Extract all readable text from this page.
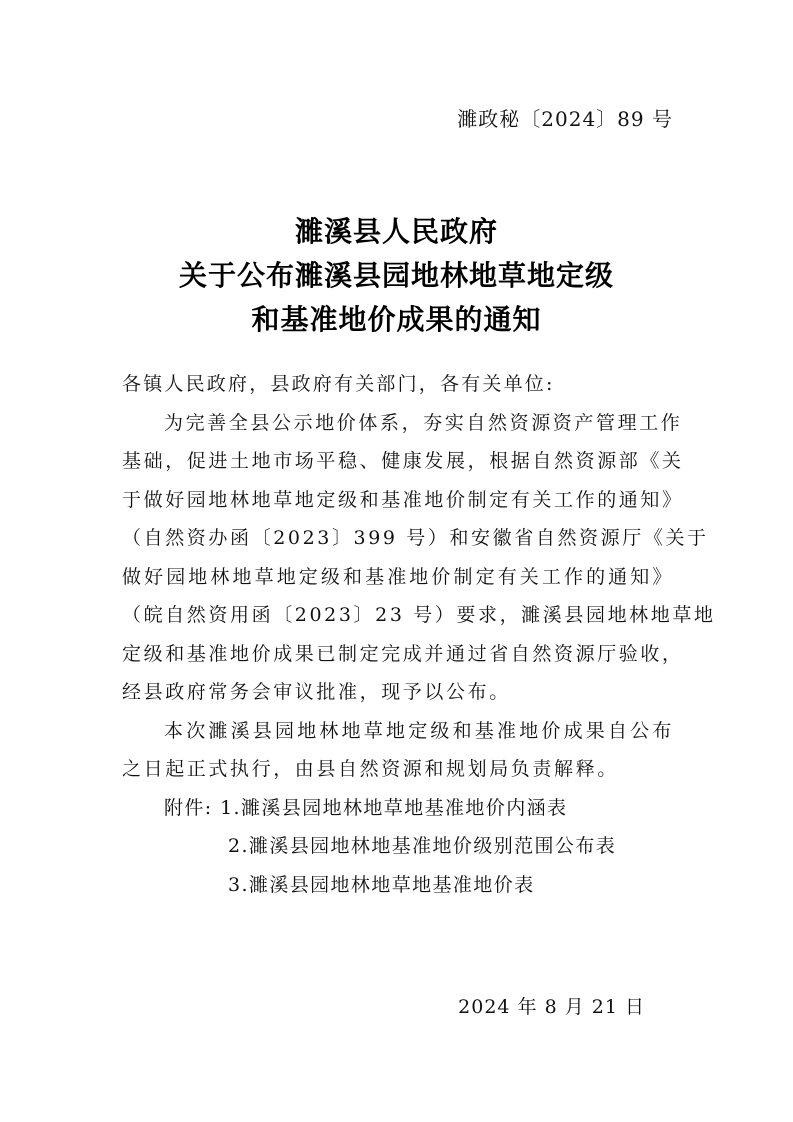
濉政秘〔2024〕89 号
濉溪县人民政府
关于公布濉溪县园地林地草地定级
和基准地价成果的通知
各镇人民政府，县政府有关部门，各有关单位:
为完善全县公示地价体系，夯实自然资源资产管理工作
基础，促进土地市场平稳、健康发展，根据自然资源部《关
于做好园地林地草地定级和基准地价制定有关工作的通知》
（自然资办函〔2023〕399 号）和安徽省自然资源厅《关于
做好园地林地草地定级和基准地价制定有关工作的通知》
（皖自然资用函〔2023〕23 号）要求，濉溪县园地林地草地
定级和基准地价成果已制定完成并通过省自然资源厅验收，
经县政府常务会审议批准，现予以公布。
本次濉溪县园地林地草地定级和基准地价成果自公布
之日起正式执行，由县自然资源和规划局负责解释。
附件: 1.濉溪县园地林地草地基准地价内涵表
2.濉溪县园地林地基准地价级别范围公布表
3.濉溪县园地林地草地基准地价表
2024 年 8 月 21 日
